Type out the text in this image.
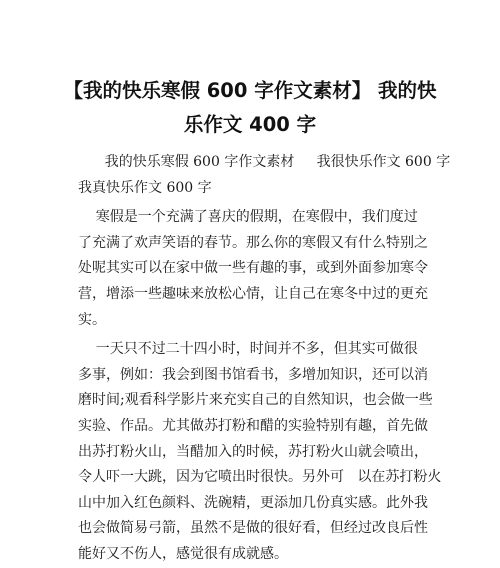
【我的快乐寒假 600 字作文素材】 我的快
乐作文 400 字
我的快乐寒假 600 字作文素材     我很快乐作文 600 字
我真快乐作文 600 字
寒假是一个充满了喜庆的假期，在寒假中，我们度过
了充满了欢声笑语的春节。那么你的寒假又有什么特别之
处呢其实可以在家中做一些有趣的事，或到外面参加寒令
营，增添一些趣味来放松心情，让自己在寒冬中过的更充
实。
一天只不过二十四小时，时间并不多，但其实可做很
多事，例如：我会到图书馆看书，多增加知识，还可以消
磨时间;观看科学影片来充实自己的自然知识，也会做一些
实验、作品。尤其做苏打粉和醋的实验特别有趣，首先做
出苏打粉火山，当醋加入的时候，苏打粉火山就会喷出，
令人吓一大跳，因为它喷出时很快。另外可   以在苏打粉火
山中加入红色颜料、洗碗精，更添加几份真实感。此外我
也会做简易弓箭，虽然不是做的很好看，但经过改良后性
能好又不伤人，感觉很有成就感。
